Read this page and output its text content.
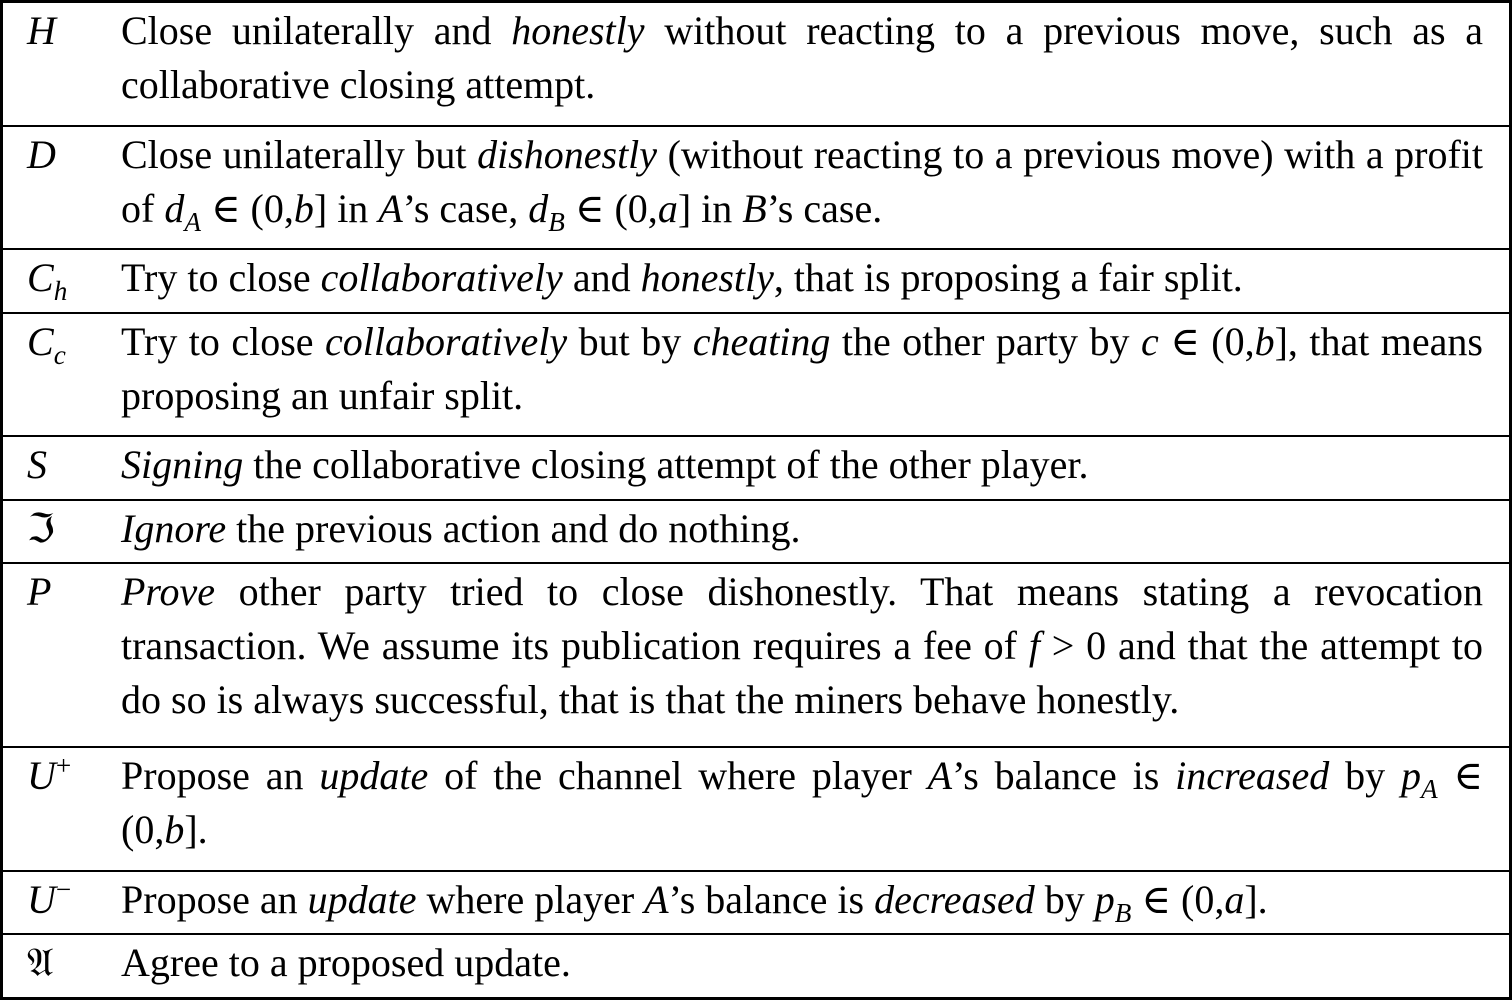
H	Close unilaterally and honestly without reacting to a previous move, such as a collaborative closing attempt.
D	Close unilaterally but dishonestly (without reacting to a previous move) with a profit of $d_A$ ∈ (0,b] in A’s case, $d_B$ ∈ (0,a] in B’s case.
$C_h$	Try to close collaboratively and honestly, that is proposing a fair split.
$C_c$	Try to close collaboratively but by cheating the other party by c ∈ (0,b], that means proposing an unfair split.
S	Signing the collaborative closing attempt of the other player.
ℑ	Ignore the previous action and do nothing.
P	Prove other party tried to close dishonestly. That means stating a revocation transaction. We assume its publication requires a fee of f > 0 and that the attempt to do so is always successful, that is that the miners behave honestly.
U+	Propose an update of the channel where player A’s balance is increased by $p_A$ ∈ (0,b].
U−	Propose an update where player A’s balance is decreased by $p_B$ ∈ (0,a].
𝔄	Agree to a proposed update.
